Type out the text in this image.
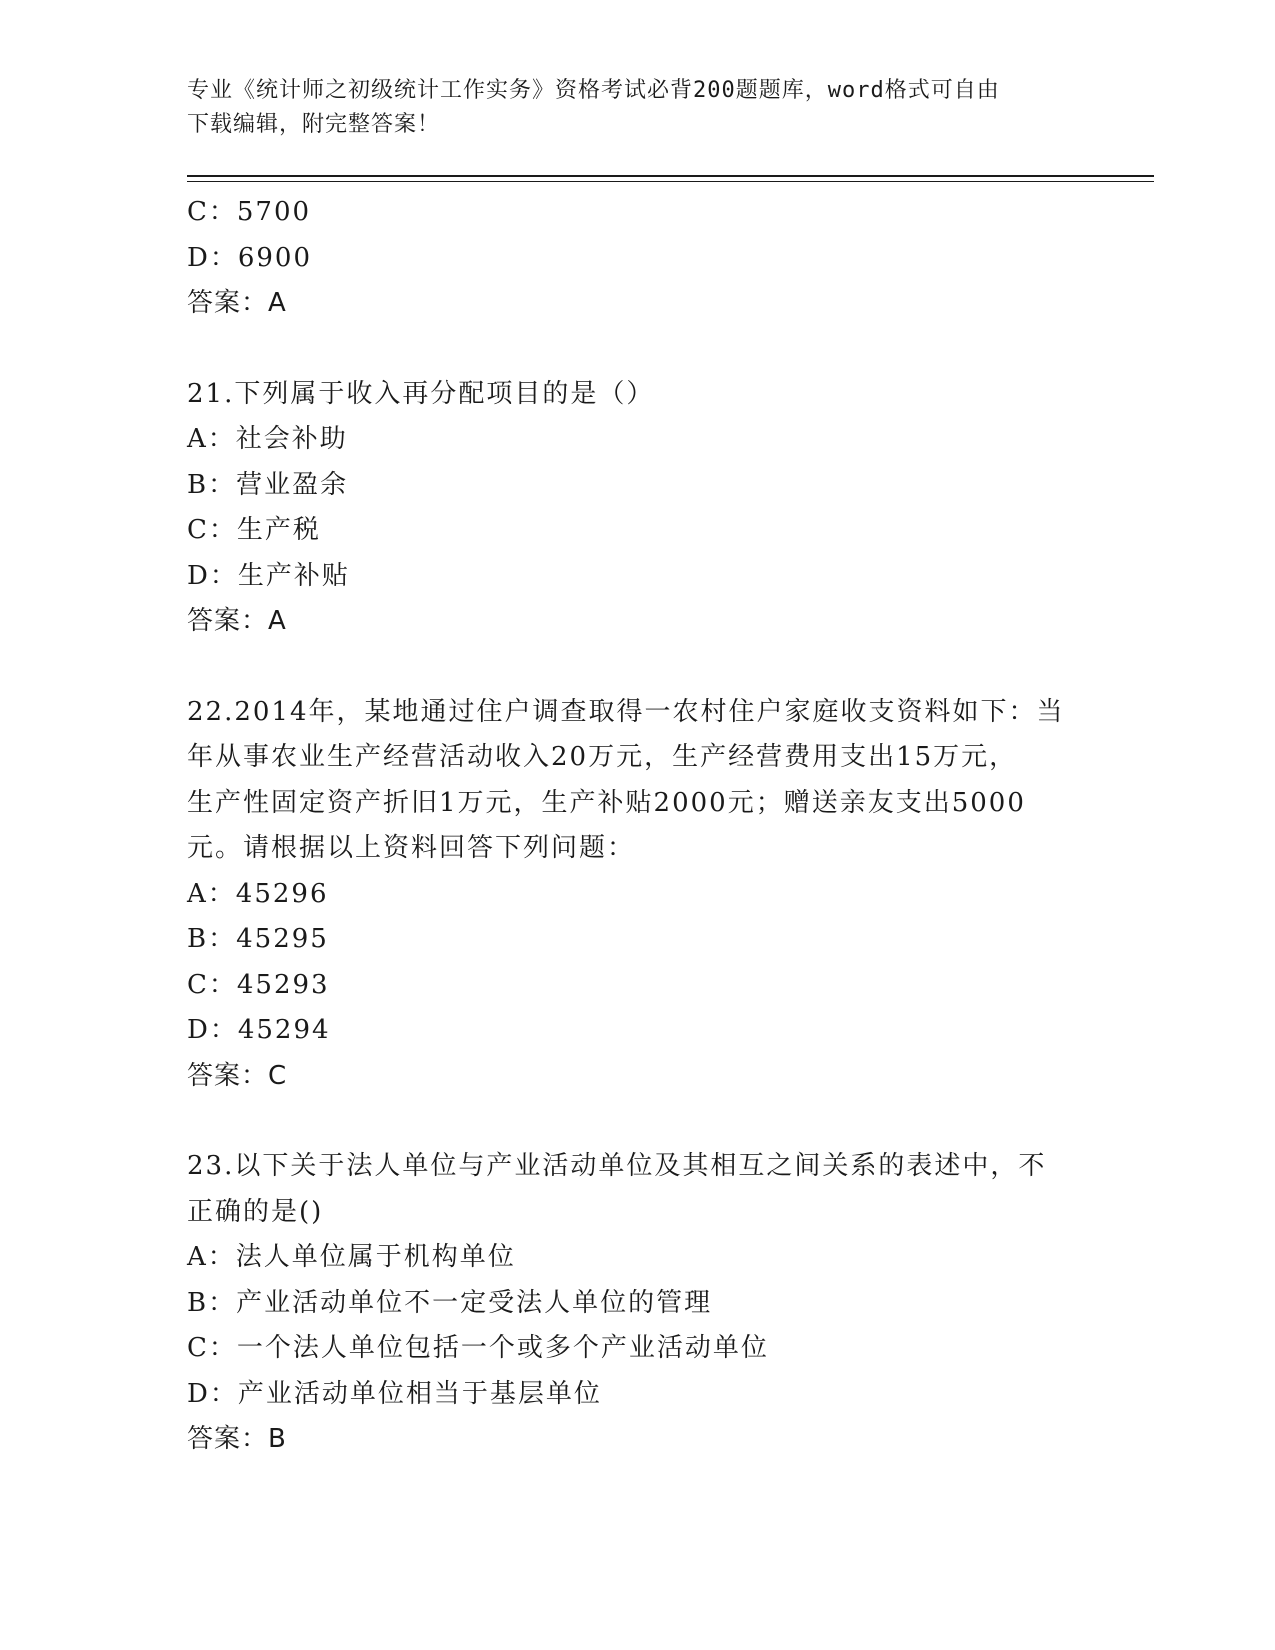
专业《统计师之初级统计工作实务》资格考试必背200题题库，word格式可自由
下载编辑，附完整答案！
C：5700
D：6900
答案：A
21.下列属于收入再分配项目的是（）
A：社会补助
B：营业盈余
C：生产税
D：生产补贴
答案：A
22.2014年，某地通过住户调查取得一农村住户家庭收支资料如下：当
年从事农业生产经营活动收入20万元，生产经营费用支出15万元，
生产性固定资产折旧1万元，生产补贴2000元；赠送亲友支出5000
元。请根据以上资料回答下列问题：
A：45296
B：45295
C：45293
D：45294
答案：C
23.以下关于法人单位与产业活动单位及其相互之间关系的表述中，不
正确的是()
A：法人单位属于机构单位
B：产业活动单位不一定受法人单位的管理
C：一个法人单位包括一个或多个产业活动单位
D：产业活动单位相当于基层单位
答案：B
